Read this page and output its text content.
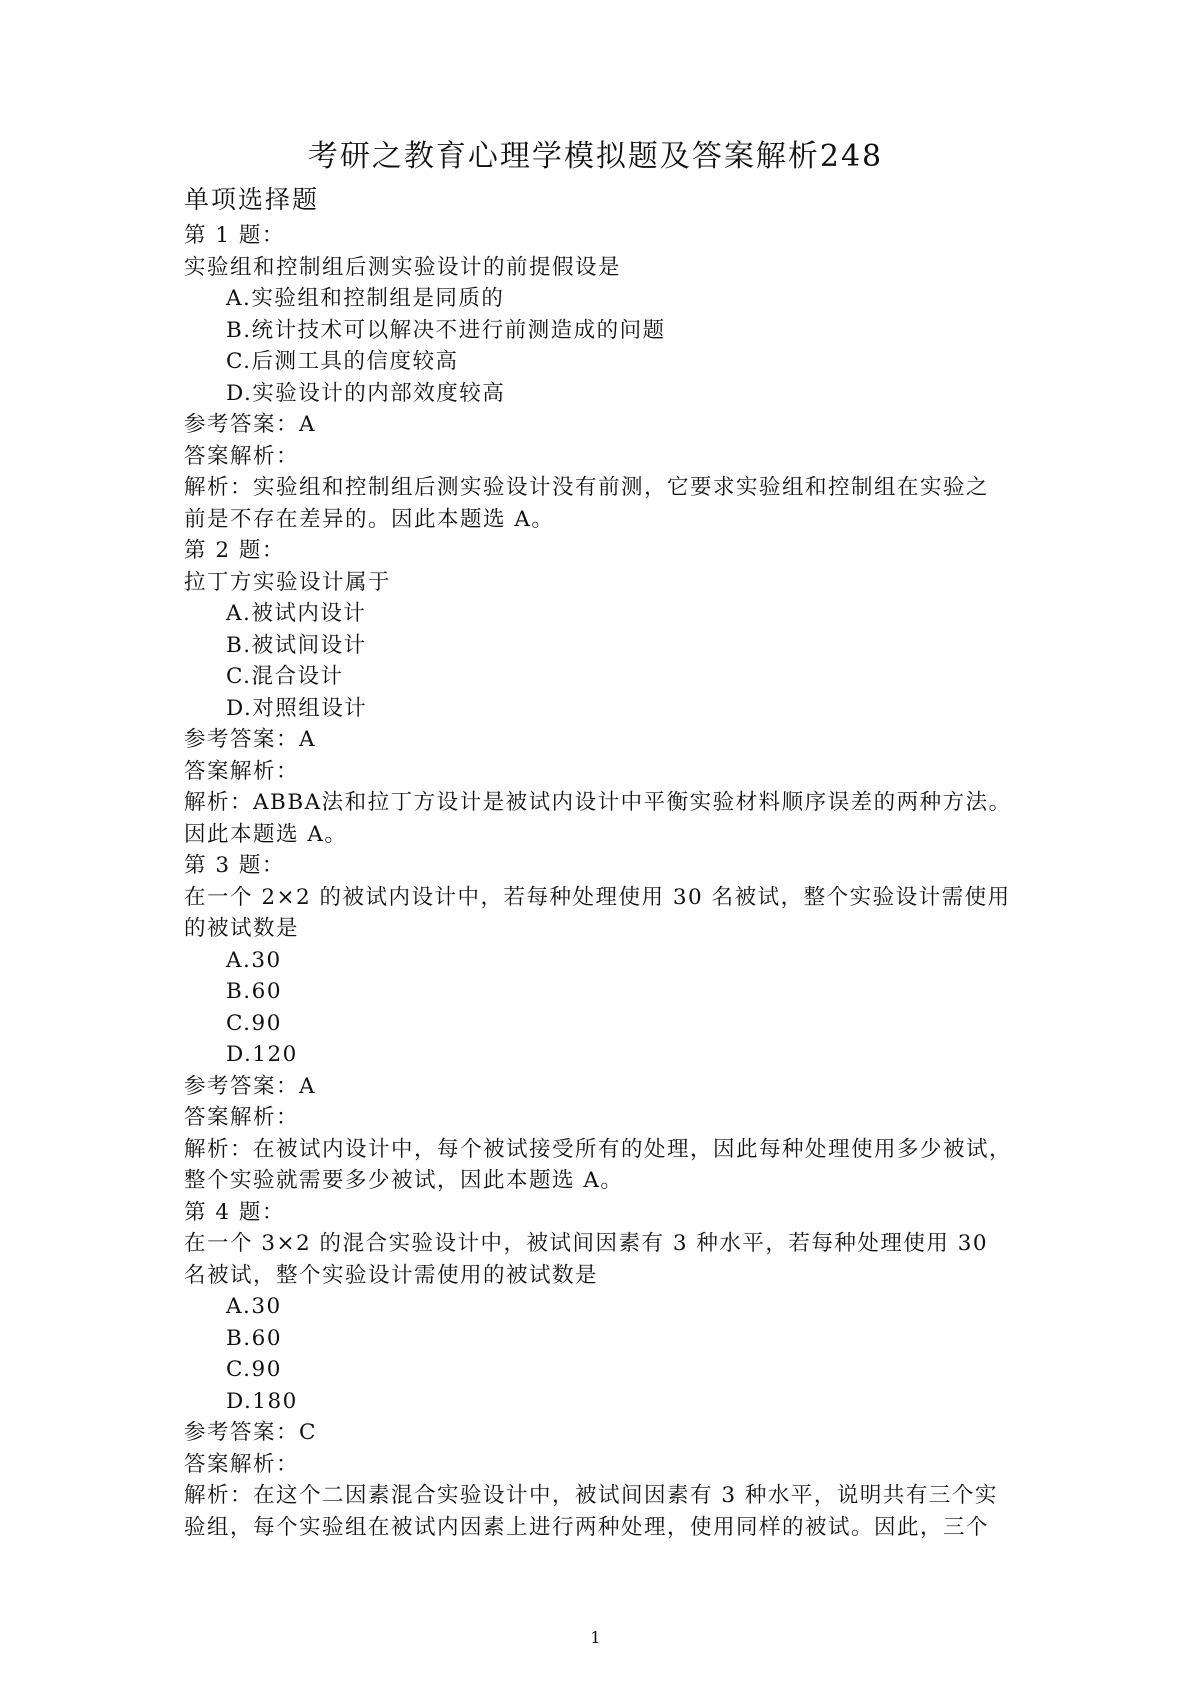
考研之教育心理学模拟题及答案解析248
单项选择题
第 1 题：
实验组和控制组后测实验设计的前提假设是
A.实验组和控制组是同质的
B.统计技术可以解决不进行前测造成的问题
C.后测工具的信度较高
D.实验设计的内部效度较高
参考答案：A
答案解析：
解析：实验组和控制组后测实验设计没有前测，它要求实验组和控制组在实验之
前是不存在差异的。因此本题选 A。
第 2 题：
拉丁方实验设计属于
A.被试内设计
B.被试间设计
C.混合设计
D.对照组设计
参考答案：A
答案解析：
解析：ABBA法和拉丁方设计是被试内设计中平衡实验材料顺序误差的两种方法。
因此本题选 A。
第 3 题：
在一个 2×2 的被试内设计中，若每种处理使用 30 名被试，整个实验设计需使用
的被试数是
A.30
B.60
C.90
D.120
参考答案：A
答案解析：
解析：在被试内设计中，每个被试接受所有的处理，因此每种处理使用多少被试，
整个实验就需要多少被试，因此本题选 A。
第 4 题：
在一个 3×2 的混合实验设计中，被试间因素有 3 种水平，若每种处理使用 30
名被试，整个实验设计需使用的被试数是
A.30
B.60
C.90
D.180
参考答案：C
答案解析：
解析：在这个二因素混合实验设计中，被试间因素有 3 种水平，说明共有三个实
验组，每个实验组在被试内因素上进行两种处理，使用同样的被试。因此，三个
1
